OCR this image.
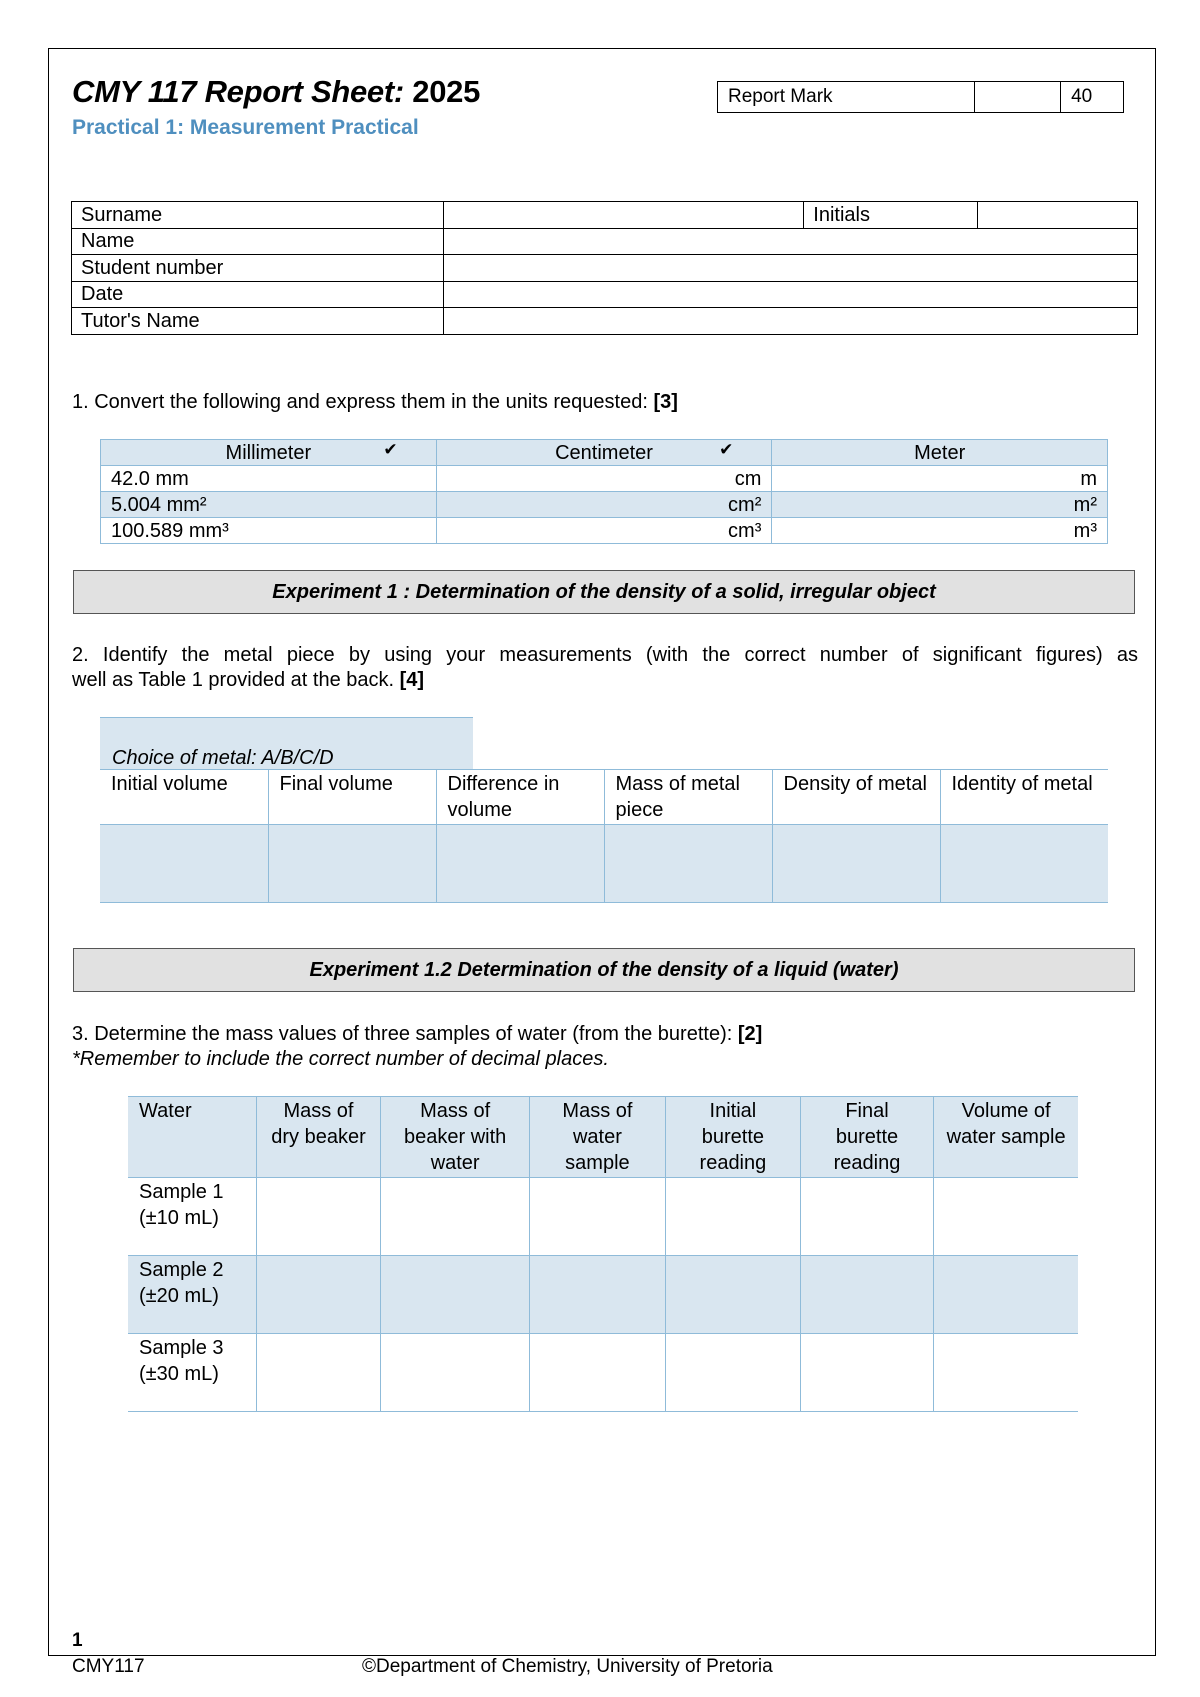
CMY 117 Report Sheet: 2025
Practical 1: Measurement Practical
Report Mark		40
Surname		Initials	
Name			
Student number			
Date			
Tutor's Name			
1. Convert the following and express them in the units requested: [3]
Millimeter ✔	Centimeter ✔	Meter
42.0 mm	cm	m
5.004 mm²	cm²	m²
100.589 mm³	cm³	m³
Experiment 1 : Determination of the density of a solid, irregular object
2. Identify the metal piece by using your measurements (with the correct number of significant figures) as
well as Table 1 provided at the back. [4]
Choice of metal: A/B/C/D
Initial volume	Final volume	Difference in volume	Mass of metal piece	Density of metal	Identity of metal

Experiment 1.2 Determination of the density of a liquid (water)
3. Determine the mass values of three samples of water (from the burette): [2]
*Remember to include the correct number of decimal places.
Water	Mass of dry beaker	Mass of beaker with water	Mass of water sample	Initial burette reading	Final burette reading	Volume of water sample

Sample 1
(±10 mL)						

Sample 2
(±20 mL)						

Sample 3
(±30 mL)						

1
CMY117	©Department of Chemistry, University of Pretoria
